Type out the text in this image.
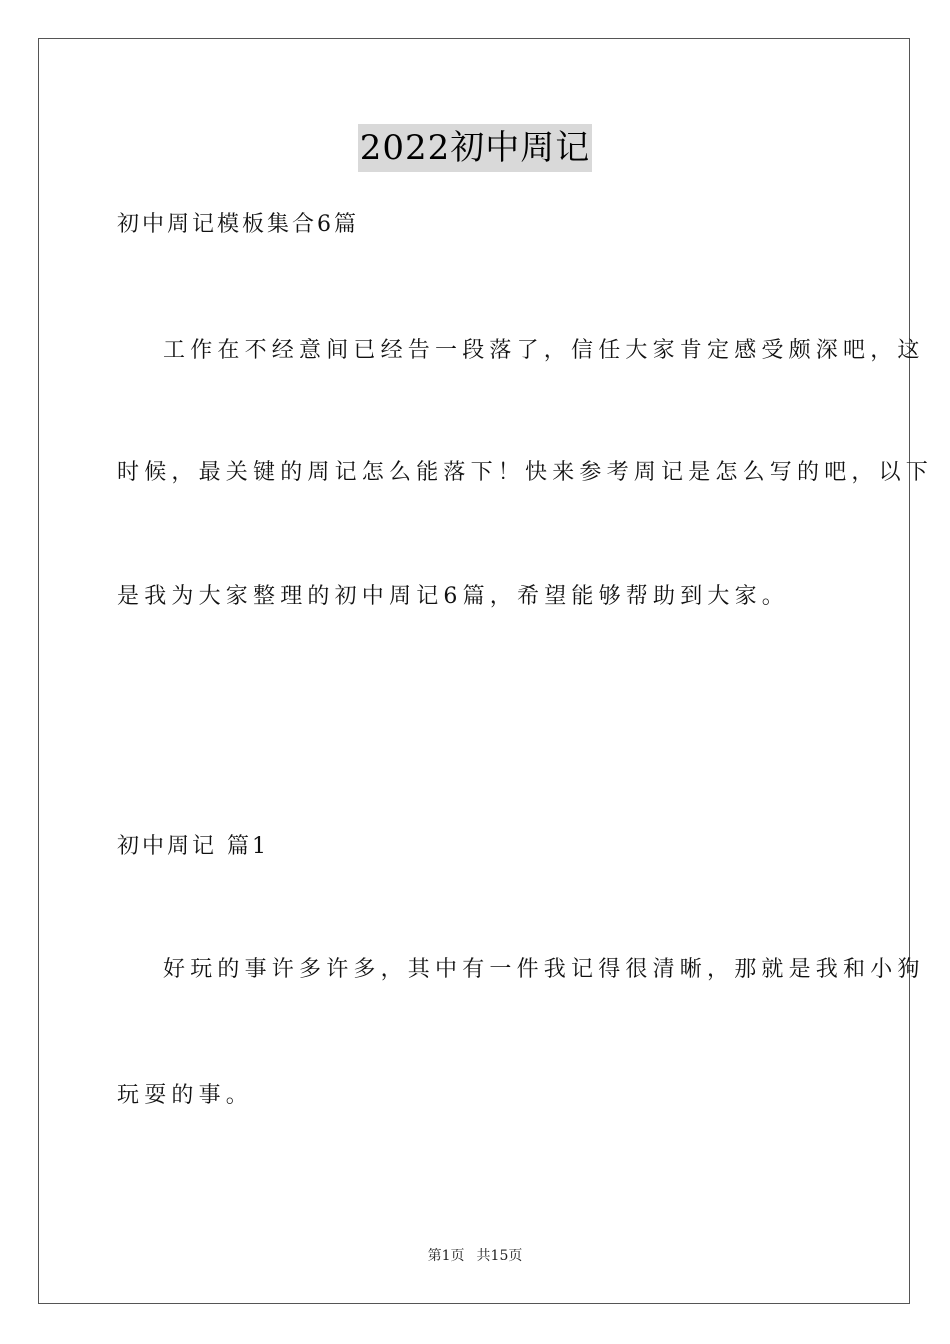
2022初中周记
初中周记模板集合6篇
工作在不经意间已经告一段落了，信任大家肯定感受颇深吧，这
时候，最关键的周记怎么能落下！快来参考周记是怎么写的吧，以下
是我为大家整理的初中周记6篇，希望能够帮助到大家。
初中周记 篇1
好玩的事许多许多，其中有一件我记得很清晰，那就是我和小狗
玩耍的事。
第1页 共15页
